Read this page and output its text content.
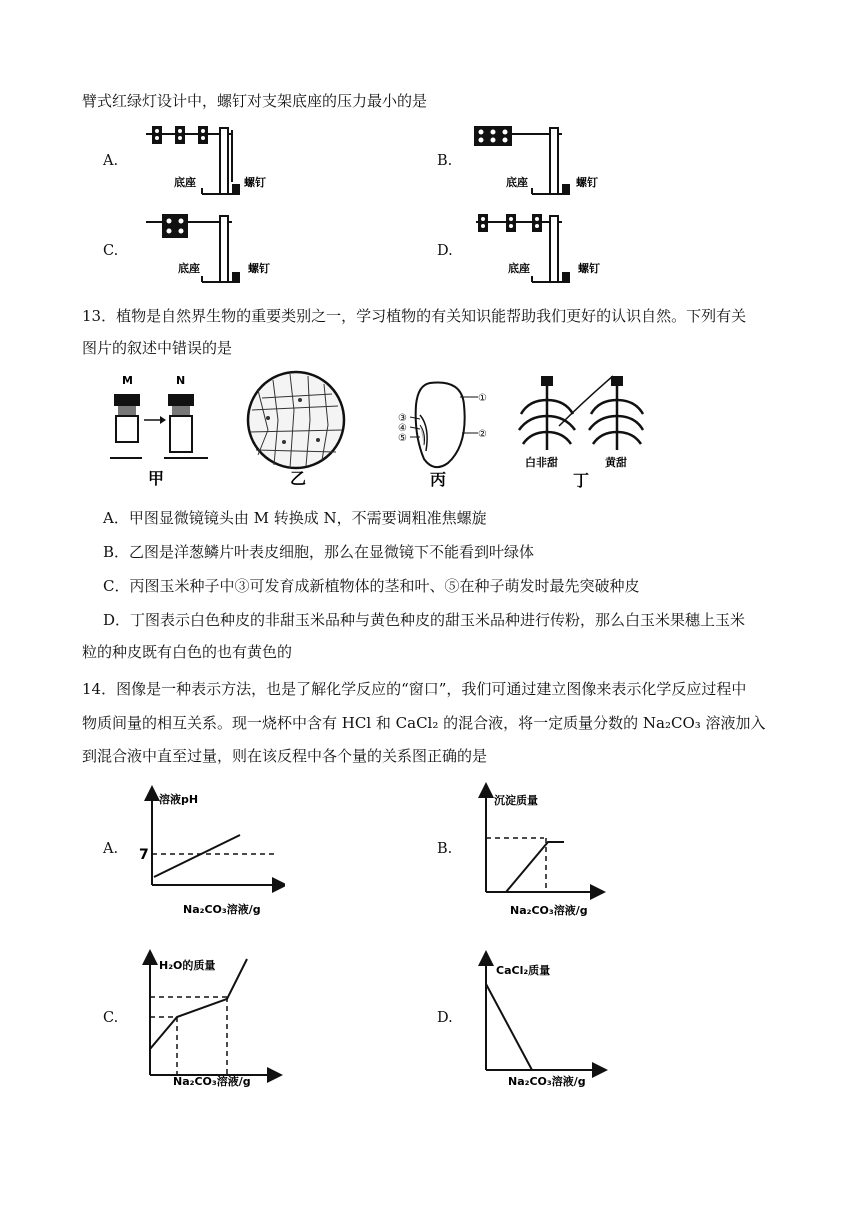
臂式红绿灯设计中，螺钉对支架底座的压力最小的是
A.	B.
C.	D.
底座	螺钉	底座	螺钉
底座	螺钉	底座	螺钉
13．植物是自然界生物的重要类别之一，学习植物的有关知识能帮助我们更好的认识自然。下列有关
图片的叙述中错误的是
M	N
甲	乙
①
②
③
④
⑤
丙
白非甜	黄甜
丁
A．甲图显微镜镜头由 M 转换成 N，不需要调粗准焦螺旋
B．乙图是洋葱鳞片叶表皮细胞，那么在显微镜下不能看到叶绿体
C．丙图玉米种子中③可发育成新植物体的茎和叶、⑤在种子萌发时最先突破种皮
D．丁图表示白色种皮的非甜玉米品种与黄色种皮的甜玉米品种进行传粉，那么白玉米果穗上玉米
粒的种皮既有白色的也有黄色的
14．图像是一种表示方法，也是了解化学反应的“窗口”，我们可通过建立图像来表示化学反应过程中
物质间量的相互关系。现一烧杯中含有 HCl 和 CaCl₂ 的混合液，将一定质量分数的 Na₂CO₃ 溶液加入
到混合液中直至过量，则在该反程中各个量的关系图正确的是
A.	B.
C.	D.
溶液pH
7
Na₂CO₃溶液/g
沉淀质量
Na₂CO₃溶液/g
H₂O的质量
Na₂CO₃溶液/g
CaCl₂质量
Na₂CO₃溶液/g
